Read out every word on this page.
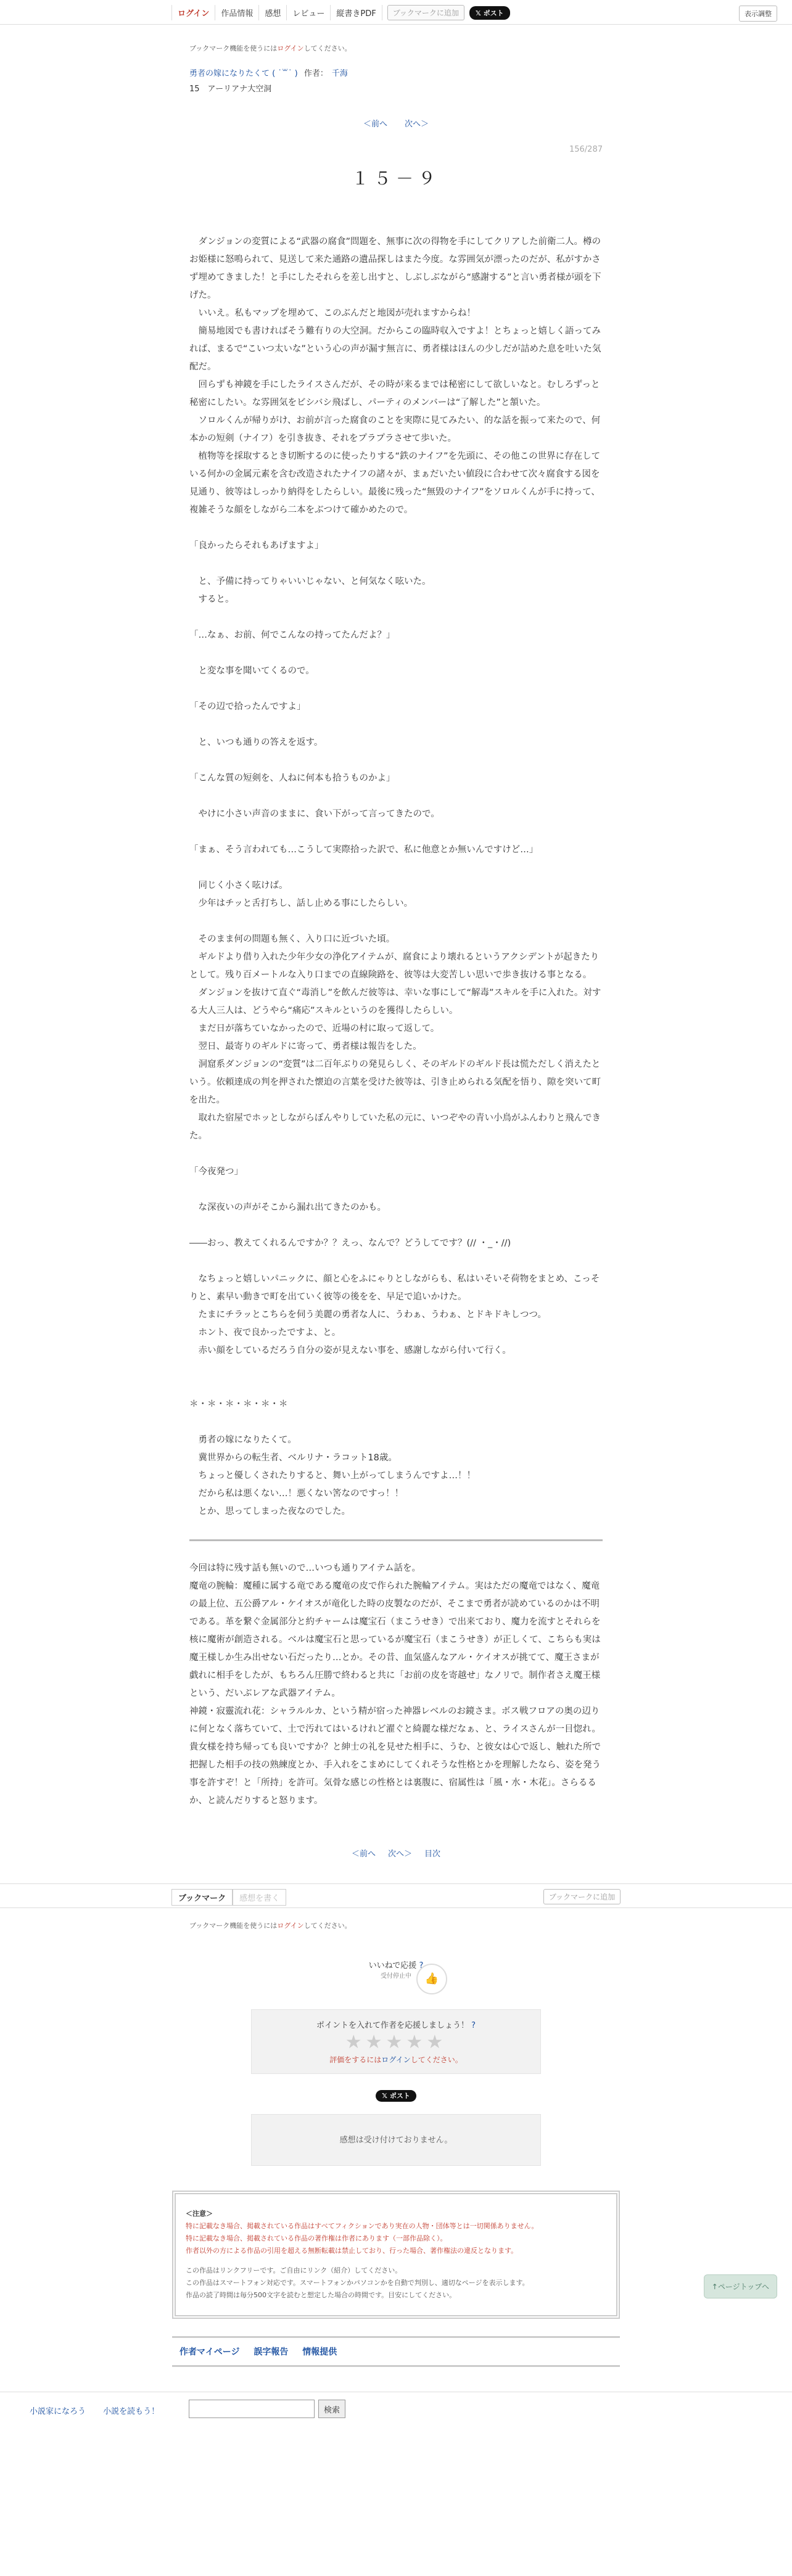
ログイン	作品情報	感想	レビュー	縦書きPDF	ブックマークに追加	𝕏 ポスト	表示調整
ブックマーク機能を使うにはログインしてください。
勇者の嫁になりたくて ( ˙꒳​˙ ) 作者： 千海
15　アーリアナ大空洞
＜前へ 次へ＞
156/287
１５－９

　ダンジョンの変質による“武器の腐食”問題を、無事に次の得物を手にしてクリアした前衛二人。樽のお姫様に怒鳴られて、見送して来た通路の遺品探しはまた今度。な雰囲気が漂ったのだが、私がすかさず埋めてきました！と手にしたそれらを差し出すと、しぶしぶながら“感謝する”と言い勇者様が頭を下げた。

　いいえ。私もマップを埋めて、このぶんだと地図が売れますからね！

　簡易地図でも書ければそう難有りの大空洞。だからこの臨時収入ですよ！とちょっと嬉しく語ってみれば、まるで“こいつ太いな”という心の声が漏す無言に、勇者様はほんの少しだが詰めた息を吐いた気配だ。

　回らずも神鏡を手にしたライスさんだが、その時が来るまでは秘密にして欲しいなと。むしろずっと秘密にしたい。な雰囲気をビシバシ飛ばし、パーティのメンバーは“了解した”と頷いた。

　ソロルくんが帰りがけ、お前が言った腐食のことを実際に見てみたい、的な話を振って来たので、何本かの短剣（ナイフ）を引き抜き、それをプラプラさせて歩いた。

　植物等を採取するとき切断するのに使ったりする“鉄のナイフ”を先頭に、その他この世界に存在している何かの金属元素を含む改造されたナイフの諸々が、まぁだいたい値段に合わせて次々腐食する図を見通り、彼等はしっかり納得をしたらしい。最後に残った“無毀のナイフ”をソロルくんが手に持って、複雑そうな顔をしながら二本をぶつけて確かめたので。

「良かったらそれもあげますよ」

　と、予備に持ってりゃいいじゃない、と何気なく呟いた。

　すると。

「…なぁ、お前、何でこんなの持ってたんだよ？」

　と変な事を聞いてくるので。

「その辺で拾ったんですよ」

　と、いつも通りの答えを返す。

「こんな質の短剣を、人ねに何本も拾うものかよ」

　やけに小さい声音のままに、食い下がって言ってきたので。

「まぁ、そう言われても…こうして実際拾った訳で、私に他意とか無いんですけど…」

　同じく小さく呟けば。

　少年はチッと舌打ちし、話し止める事にしたらしい。

　そのまま何の問題も無く、入り口に近づいた頃。

　ギルドより借り入れた少年少女の浄化アイテムが、腐食により壊れるというアクシデントが起きたりとして。残り百メートルな入り口までの直線険路を、彼等は大変苦しい思いで歩き抜ける事となる。

　ダンジョンを抜けて直ぐ“毒消し”を飲んだ彼等は、幸いな事にして“解毒”スキルを手に入れた。対する大人三人は、どうやら“痛応”スキルというのを獲得したらしい。

　まだ日が落ちていなかったので、近場の村に取って返して。

　翌日、最寄りのギルドに寄って、勇者様は報告をした。

　洞窟系ダンジョンの“変質”は二百年ぶりの発見らしく、そのギルドのギルド長は慌ただしく消えたという。依頼達成の判を押された懐迫の言葉を受けた彼等は、引き止められる気配を悟り、隙を突いて町を出た。

　取れた宿屋でホッとしながらぼんやりしていた私の元に、いつぞやの青い小鳥がふんわりと飛んできた。

「今夜発つ」

　な深夜いの声がそこから漏れ出てきたのかも。

――おっ、教えてくれるんですか？？えっ、なんで？どうしてです？(// ・_・//)

　なちょっと嬉しいパニックに、顔と心をふにゃりとしながらも、私はいそいそ荷物をまとめ、こっそりと、素早い動きで町を出ていく彼等の後をを、早足で追いかけた。

　たまにチラッとこちらを伺う美麗の勇者な人に、うわぁ、うわぁ、とドキドキしつつ。

　ホント、夜で良かったですよ、と。

　赤い顔をしているだろう自分の姿が見えない事を、感謝しながら付いて行く。

＊・＊・＊・＊・＊・＊

　勇者の嫁になりたくて。

　冀世界からの転生者、ベルリナ・ラコット18歳。

　ちょっと優しくされたりすると、舞い上がってしまうんですよ…！！

　だから私は悪くない…！悪くない筈なのですっ！！

　とか、思ってしまった夜なのでした。

今回は特に残す話も無いので…いつも通りアイテム話を。

魔竜の腕輪：魔種に属する竜である魔竜の皮で作られた腕輪アイテム。実はただの魔竜ではなく、魔竜の最上位、五公爵アル・ケイオスが竜化した時の皮製なのだが、そこまで勇者が読めているのかは不明である。革を繋ぐ金属部分と約チャームは魔宝石（まこうせき）で出来ており、魔力を流すとそれらを核に魔術が創造される。ベルは魔宝石と思っているが魔宝石（まこうせき）が正しくて、こちらも実は魔王様しか生み出せない石だったり…とか。その昔、血気盛んなアル・ケイオスが挑てて、魔王さまが戯れに相手をしたが、もちろん圧勝で終わると共に「お前の皮を寄越せ」なノリで。制作者さえ魔王様という、だいぶレアな武器アイテム。

神鏡・寂靈流れ花：シャラルルカ、という精が宿った神器レベルのお鏡さま。ボス戦フロアの奥の辺りに何となく落ちていて、土で汚れてはいるけれど濯ぐと綺麗な様だなぁ、と、ライスさんが一目惚れ。貴女様を持ち帰っても良いですか？と紳士の礼を見せた相手に、うむ、と彼女は心で返し、触れた所で把握した相手の技の熟練度とか、手入れをこまめにしてくれそうな性格とかを理解したなら、姿を発う事を許すぞ！と「所持」を許可。気骨な感じの性格とは裏腹に、宿属性は「風・水・木花」。さらるるか、と読んだりすると怒ります。

＜前へ 次へ＞ 目次
ブックマーク	感想を書く	ブックマークに追加
ブックマーク機能を使うにはログインしてください。
いいねで応援 ?
受付停止中	👍
ポイントを入れて作者を応援しましょう！ ?
★★★★★
評価をするにはログインしてください。
𝕏 ポスト
感想は受け付けておりません。
↑ページトップへ
＜注意＞
特に記載なき場合、掲載されている作品はすべてフィクションであり実在の人物・団体等とは一切関係ありません。
特に記載なき場合、掲載されている作品の著作権は作者にあります（一部作品除く）。
作者以外の方による作品の引用を超える無断転載は禁止しており、行った場合、著作権法の違反となります。
この作品はリンクフリーです。ご自由にリンク（紹介）してください。
この作品はスマートフォン対応です。スマートフォンかパソコンかを自動で判別し、適切なページを表示します。
作品の読了時間は毎分500文字を読むと想定した場合の時間です。目安にしてください。
作者マイページ 誤字報告 情報提供
小説家になろう 小説を読もう！	検索
